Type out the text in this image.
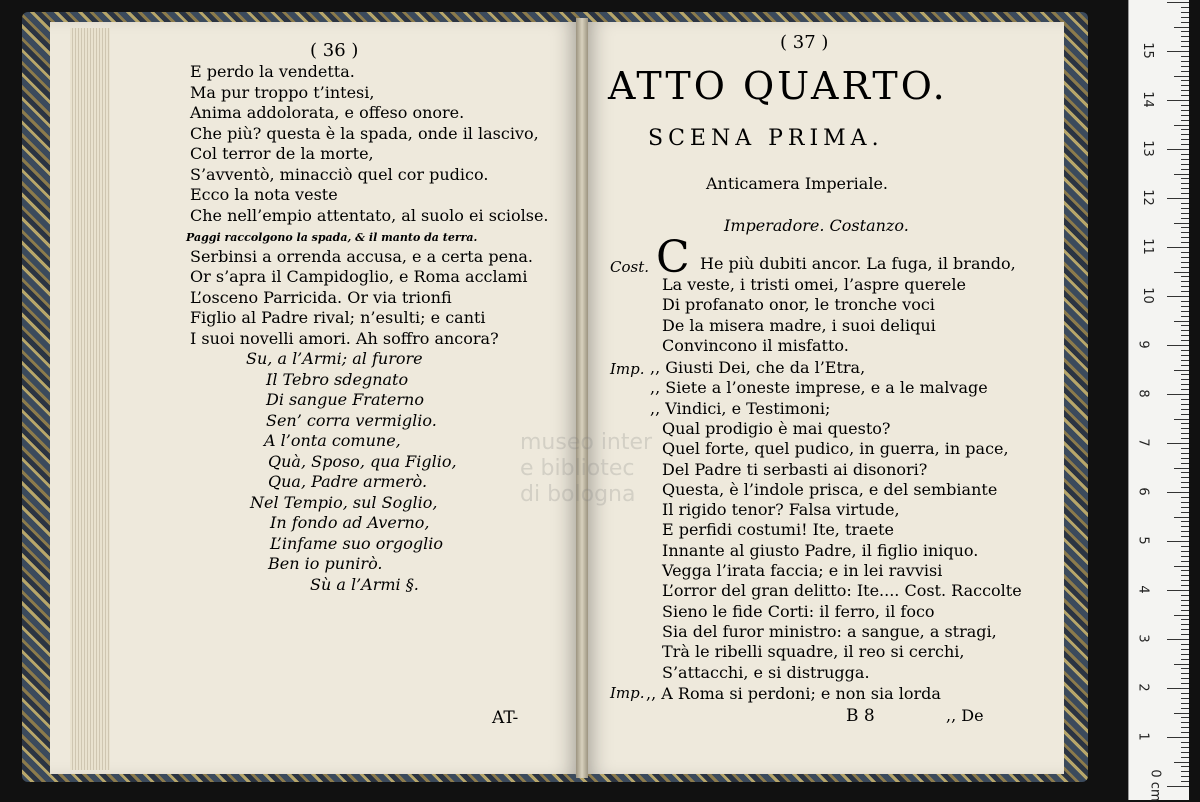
( 36 )
E perdo la vendetta.
Ma pur troppo t’intesi,
Anima addolorata, e offeso onore.
Che più? questa è la spada, onde il lascivo,
Col terror de la morte,
S’avventò, minacciò quel cor pudico.
Ecco la nota veste
Che nell’empio attentato, al suolo ei sciolse.
Paggi raccolgono la spada, & il manto da terra.
Serbinsi a orrenda accusa, e a certa pena.
Or s’apra il Campidoglio, e Roma acclami
L’osceno Parricida. Or via trionfi
Figlio al Padre rival; n’esulti; e canti
I suoi novelli amori. Ah soffro ancora?
Su, a l’Armi; al furore
Il Tebro sdegnato
Di sangue Fraterno
Sen’ corra vermiglio.
A l’onta comune,
Quà, Sposo, qua Figlio,
Qua, Padre armerò.
Nel Tempio, sul Soglio,
In fondo ad Averno,
L’infame suo orgoglio
Ben io punirò.
Sù a l’Armi §.
AT-
( 37 )
ATTO QUARTO.
SCENA PRIMA.
Anticamera Imperiale.
Imperadore. Costanzo.
Cost. C He più dubiti ancor. La fuga, il brando,
La veste, i tristi omei, l’aspre querele
Di profanato onor, le tronche voci
De la misera madre, i suoi deliqui
Convincono il misfatto.
,, Giusti Dei, che da l’Etra,
,, Siete a l’oneste imprese, e a le malvage
,, Vindici, e Testimoni;
Qual prodigio è mai questo?
Quel forte, quel pudico, in guerra, in pace,
Del Padre ti serbasti ai disonori?
Questa, è l’indole prisca, e del sembiante
Il rigido tenor? Falsa virtude,
E perfidi costumi! Ite, traete
Innante al giusto Padre, il figlio iniquo.
Vegga l’irata faccia; e in lei ravvisi
L’orror del gran delitto: Ite.... Cost. Raccolte
Sieno le fide Corti: il ferro, il foco
Sia del furor ministro: a sangue, a stragi,
Trà le ribelli squadre, il reo si cerchi,
S’attacchi, e si distrugga.
Imp.
Imp. ,, A Roma si perdoni; e non sia lorda
B 8	,, De
museo inter
e bibliotec
di bologna
0 cm
1
2
3
4
5
6
7
8
9
10
11
12
13
14
15
